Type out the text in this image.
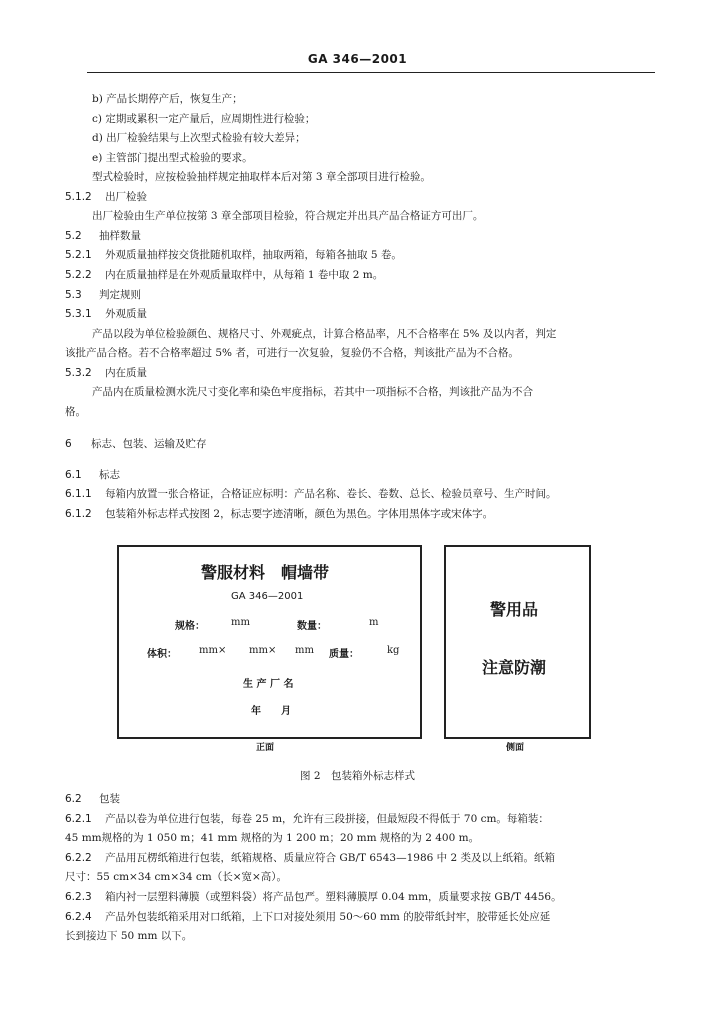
GA 346—2001
b) 产品长期停产后，恢复生产；
c) 定期或累积一定产量后，应周期性进行检验；
d) 出厂检验结果与上次型式检验有较大差异；
e) 主管部门提出型式检验的要求。
型式检验时，应按检验抽样规定抽取样本后对第 3 章全部项目进行检验。
5.1.2 出厂检验
出厂检验由生产单位按第 3 章全部项目检验，符合规定并出具产品合格证方可出厂。
5.2 抽样数量
5.2.1 外观质量抽样按交货批随机取样，抽取两箱，每箱各抽取 5 卷。
5.2.2 内在质量抽样是在外观质量取样中，从每箱 1 卷中取 2 m。
5.3 判定规则
5.3.1 外观质量
产品以段为单位检验颜色、规格尺寸、外观疵点，计算合格品率，凡不合格率在 5% 及以内者，判定
该批产品合格。若不合格率超过 5% 者，可进行一次复验，复验仍不合格，判该批产品为不合格。
5.3.2 内在质量
产品内在质量检测水洗尺寸变化率和染色牢度指标，若其中一项指标不合格，判该批产品为不合
格。
6 标志、包装、运输及贮存
6.1 标志
6.1.1 每箱内放置一张合格证，合格证应标明：产品名称、卷长、卷数、总长、检验员章号、生产时间。
6.1.2 包装箱外标志样式按图 2，标志要字迹清晰，颜色为黑色。字体用黑体字或宋体字。
警服材料　帽墙带
GA 346—2001
规格：	mm	数量：	m
体积： mm× mm× mm 质量：	kg
生 产 厂 名
年　　月
正面
警用品
注意防潮
侧面
图 2　包装箱外标志样式
6.2 包装
6.2.1 产品以卷为单位进行包装，每卷 25 m，允许有三段拼接，但最短段不得低于 70 cm。每箱装：
45 mm规格的为 1 050 m；41 mm 规格的为 1 200 m；20 mm 规格的为 2 400 m。
6.2.2 产品用瓦楞纸箱进行包装，纸箱规格、质量应符合 GB/T 6543—1986 中 2 类及以上纸箱。纸箱
尺寸：55 cm×34 cm×34 cm（长×宽×高）。
6.2.3 箱内衬一层塑料薄膜（或塑料袋）将产品包严。塑料薄膜厚 0.04 mm，质量要求按 GB/T 4456。
6.2.4 产品外包装纸箱采用对口纸箱，上下口对接处须用 50～60 mm 的胶带纸封牢，胶带延长处应延
长到接边下 50 mm 以下。
